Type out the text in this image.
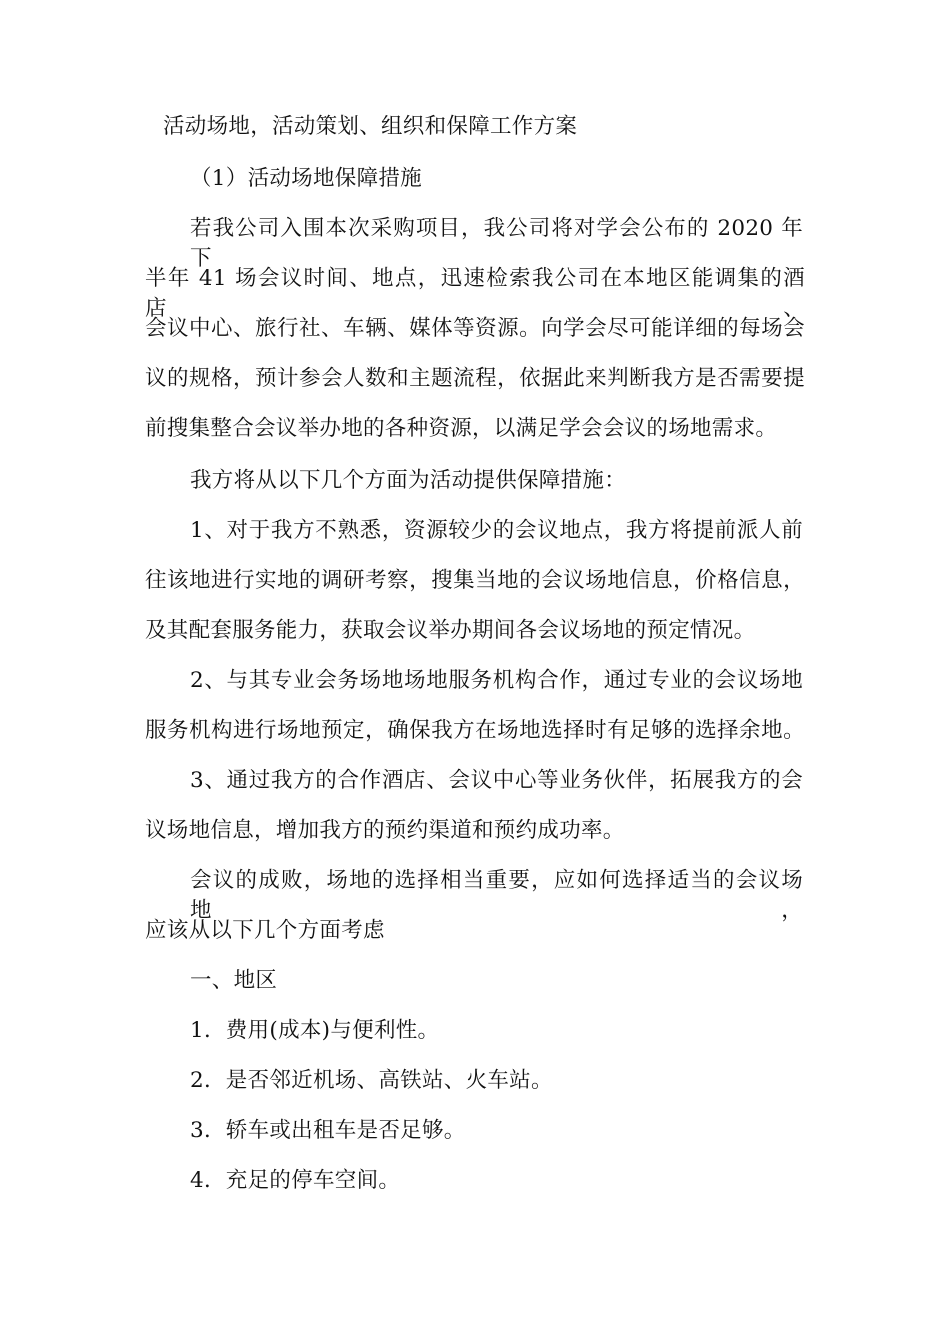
活动场地，活动策划、组织和保障工作方案
（1）活动场地保障措施
若我公司入围本次采购项目，我公司将对学会公布的 2020 年下
半年 41 场会议时间、地点，迅速检索我公司在本地区能调集的酒店、
会议中心、旅行社、车辆、媒体等资源。向学会尽可能详细的每场会
议的规格，预计参会人数和主题流程，依据此来判断我方是否需要提
前搜集整合会议举办地的各种资源，以满足学会会议的场地需求。
我方将从以下几个方面为活动提供保障措施：
1、对于我方不熟悉，资源较少的会议地点，我方将提前派人前
往该地进行实地的调研考察，搜集当地的会议场地信息，价格信息，
及其配套服务能力，获取会议举办期间各会议场地的预定情况。
2、与其专业会务场地场地服务机构合作，通过专业的会议场地
服务机构进行场地预定，确保我方在场地选择时有足够的选择余地。
3、通过我方的合作酒店、会议中心等业务伙伴，拓展我方的会
议场地信息，增加我方的预约渠道和预约成功率。
会议的成败，场地的选择相当重要，应如何选择适当的会议场地，
应该从以下几个方面考虑
一、地区
1．费用(成本)与便利性。
2．是否邻近机场、高铁站、火车站。
3．轿车或出租车是否足够。
4．充足的停车空间。
